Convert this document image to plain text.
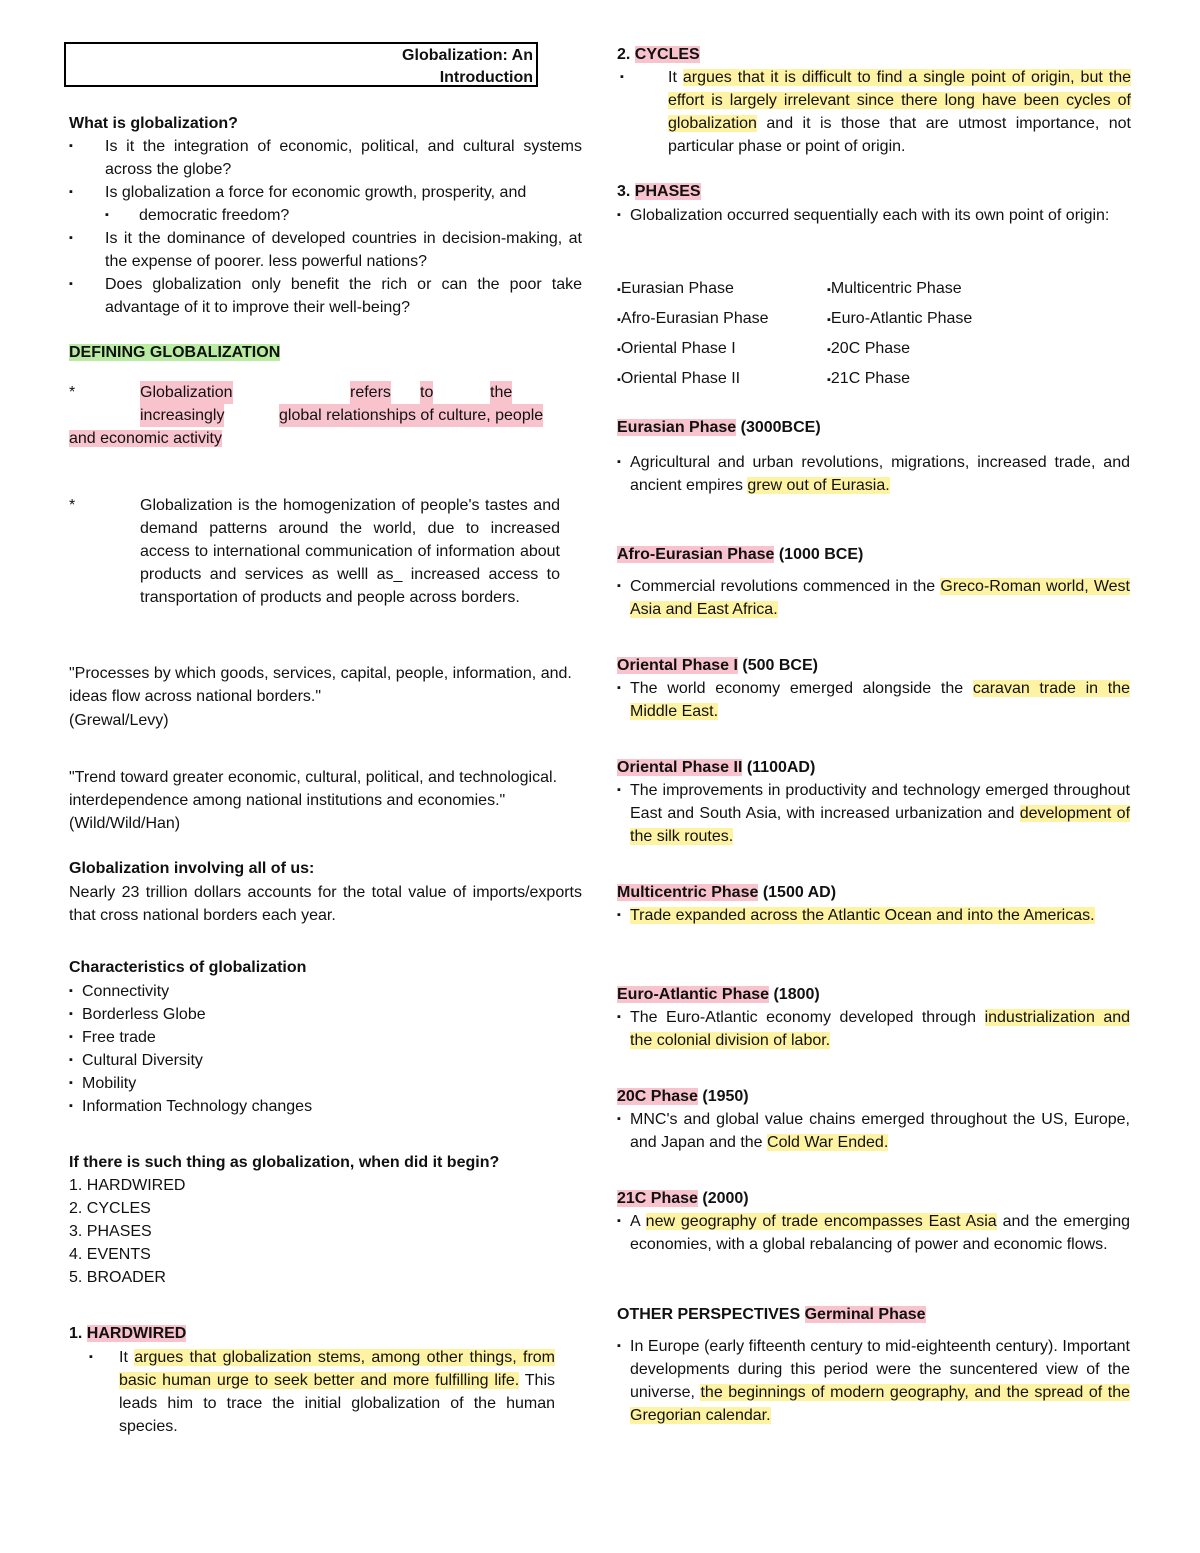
Globalization: An
Introduction
What is globalization?
▪ Is it the integration of economic, political, and cultural systems across the globe?
▪ Is globalization a force for economic growth, prosperity, and
▪ democratic freedom?
▪ Is it the dominance of developed countries in decision-making, at the expense of poorer. less powerful nations?
▪ Does globalization only benefit the rich or can the poor take advantage of it to improve their well-being?
DEFINING GLOBALIZATION
*	Globalization	refers to	the
increasingly	global relationships of culture, people
and economic activity
*	Globalization is the homogenization of people's tastes and demand patterns around the world, due to increased access to international communication of information about products and services as welll as_ increased access to transportation of products and people across borders.
"Processes by which goods, services, capital, people, information, and. ideas flow across national borders."
(Grewal/Levy)
"Trend toward greater economic, cultural, political, and technological. interdependence among national institutions and economies." (Wild/Wild/Han)
Globalization involving all of us:
Nearly 23 trillion dollars accounts for the total value of imports/exports that cross national borders each year.
Characteristics of globalization
▪ Connectivity
▪ Borderless Globe
▪ Free trade
▪ Cultural Diversity
▪ Mobility
▪ Information Technology changes
If there is such thing as globalization, when did it begin?
1. HARDWIRED
2. CYCLES
3. PHASES
4. EVENTS
5. BROADER
1. HARDWIRED
▪ It argues that globalization stems, among other things, from basic human urge to seek better and more fulfilling life. This leads him to trace the initial globalization of the human species.
2. CYCLES
▪	It argues that it is difficult to find a single point of origin, but the effort is largely irrelevant since there long have been cycles of globalization and it is those that are utmost importance, not particular phase or point of origin.
3. PHASES
▪ Globalization occurred sequentially each with its own point of origin:
▪ Eurasian Phase	▪ Multicentric Phase
▪ Afro-Eurasian Phase	▪ Euro-Atlantic Phase
▪ Oriental Phase I	▪ 20C Phase
▪ Oriental Phase II	▪ 21C Phase
Eurasian Phase (3000BCE)
▪ Agricultural and urban revolutions, migrations, increased trade, and ancient empires grew out of Eurasia.
Afro-Eurasian Phase (1000 BCE)
▪ Commercial revolutions commenced in the Greco-Roman world, West Asia and East Africa.
Oriental Phase I (500 BCE)
▪ The world economy emerged alongside the caravan trade in the Middle East.
Oriental Phase II (1100AD)
▪ The improvements in productivity and technology emerged throughout East and South Asia, with increased urbanization and development of the silk routes.
Multicentric Phase (1500 AD)
▪ Trade expanded across the Atlantic Ocean and into the Americas.
Euro-Atlantic Phase (1800)
▪ The Euro-Atlantic economy developed through industrialization and the colonial division of labor.
20C Phase (1950)
▪ MNC's and global value chains emerged throughout the US, Europe, and Japan and the Cold War Ended.
21C Phase (2000)
▪ A new geography of trade encompasses East Asia and the emerging economies, with a global rebalancing of power and economic flows.
OTHER PERSPECTIVES Germinal Phase
▪ In Europe (early fifteenth century to mid-eighteenth century). Important developments during this period were the suncentered view of the universe, the beginnings of modern geography, and the spread of the Gregorian calendar.
